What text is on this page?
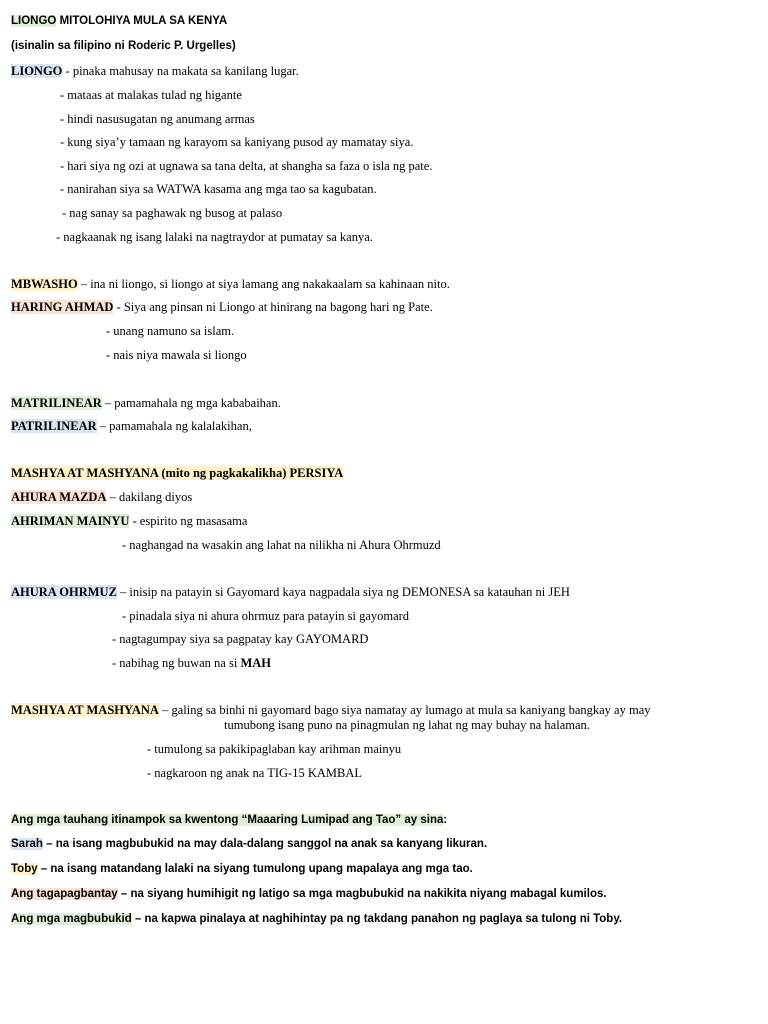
LIONGO MITOLOHIYA MULA SA KENYA
(isinalin sa filipino ni Roderic P. Urgelles)
LIONGO - pinaka mahusay na makata sa kanilang lugar.
- mataas at malakas tulad ng higante
- hindi nasusugatan ng anumang armas
- kung siya’y tamaan ng karayom sa kaniyang pusod ay mamatay siya.
- hari siya ng ozi at ugnawa sa tana delta, at shangha sa faza o isla ng pate.
- nanirahan siya sa WATWA kasama ang mga tao sa kagubatan.
- nag sanay sa paghawak ng busog at palaso
- nagkaanak ng isang lalaki na nagtraydor at pumatay sa kanya.
MBWASHO – ina ni liongo, si liongo at siya lamang ang nakakaalam sa kahinaan nito.
HARING AHMAD - Siya ang pinsan ni Liongo at hinirang na bagong hari ng Pate.
- unang namuno sa islam.
- nais niya mawala si liongo
MATRILINEAR – pamamahala ng mga kababaihan.
PATRILINEAR – pamamahala ng kalalakihan,
MASHYA AT MASHYANA (mito ng pagkakalikha) PERSIYA
AHURA MAZDA – dakilang diyos
AHRIMAN MAINYU - espirito ng masasama
- naghangad na wasakin ang lahat na nilikha ni Ahura Ohrmuzd
AHURA OHRMUZ – inisip na patayin si Gayomard kaya nagpadala siya ng DEMONESA sa katauhan ni JEH
- pinadala siya ni ahura ohrmuz para patayin si gayomard
- nagtagumpay siya sa pagpatay kay GAYOMARD
- nabihag ng buwan na si MAH
MASHYA AT MASHYANA – galing sa binhi ni gayomard bago siya namatay ay lumago at mula sa kaniyang bangkay ay may
tumubong isang puno na pinagmulan ng lahat ng may buhay na halaman.
- tumulong sa pakikipaglaban kay arihman mainyu
- nagkaroon ng anak na TIG-15 KAMBAL
Ang mga tauhang itinampok sa kwentong “Maaaring Lumipad ang Tao” ay sina:
Sarah – na isang magbubukid na may dala-dalang sanggol na anak sa kanyang likuran.
Toby – na isang matandang lalaki na siyang tumulong upang mapalaya ang mga tao.
Ang tagapagbantay – na siyang humihigit ng latigo sa mga magbubukid na nakikita niyang mabagal kumilos.
Ang mga magbubukid – na kapwa pinalaya at naghihintay pa ng takdang panahon ng paglaya sa tulong ni Toby.
